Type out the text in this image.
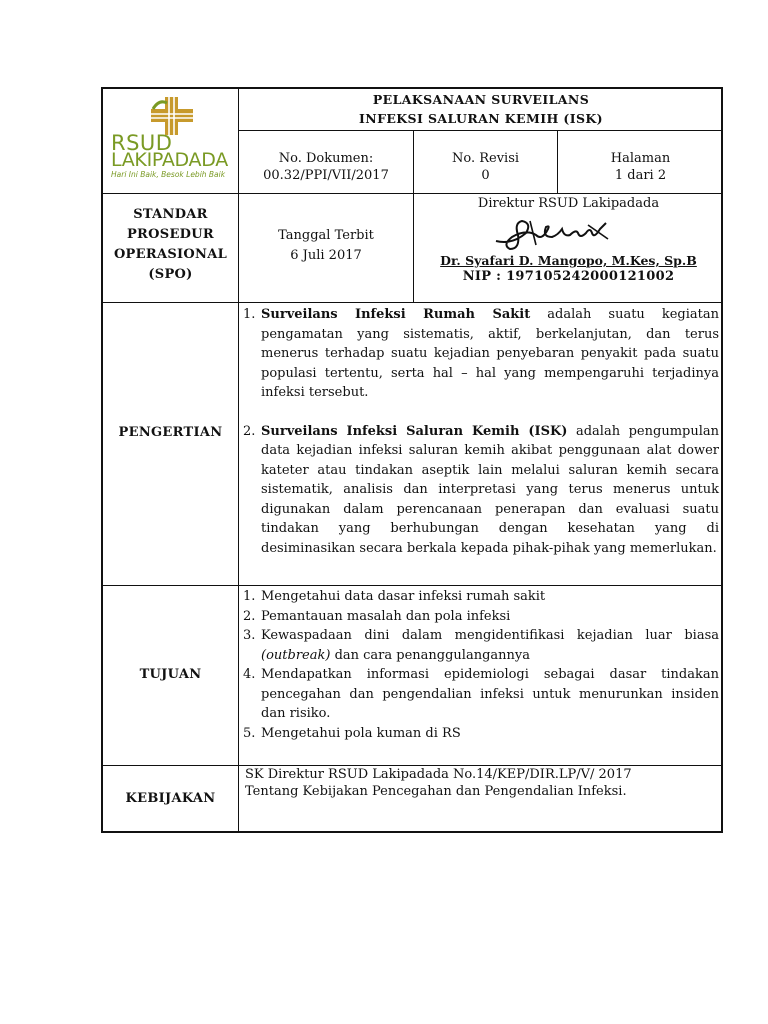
RSUD
LAKIPADADA
Hari Ini Baik, Besok Lebih Baik
PELAKSANAAN SURVEILANS
INFEKSI SALURAN KEMIH (ISK)
No. Dokumen:
00.32/PPI/VII/2017
No. Revisi
0
Halaman
1 dari 2
STANDAR
PROSEDUR
OPERASIONAL
(SPO)
Tanggal Terbit
6 Juli 2017
Direktur RSUD Lakipadada
Dr. Syafari D. Mangopo, M.Kes, Sp.B
NIP : 19710524200012100​2
PENGERTIAN
1. Surveilans Infeksi Rumah Sakit adalah suatu kegiatan pengamatan yang sistematis, aktif, berkelanjutan, dan terus menerus terhadap suatu kejadian penyebaran penyakit pada suatu populasi tertentu, serta hal – hal yang mempengaruhi terjadinya infeksi tersebut.
2. Surveilans Infeksi Saluran Kemih (ISK) adalah pengumpulan data kejadian infeksi saluran kemih akibat penggunaan alat dower kateter atau tindakan aseptik lain melalui saluran kemih secara sistematik, analisis dan interpretasi yang terus menerus untuk digunakan dalam perencanaan penerapan dan evaluasi suatu tindakan yang berhubungan dengan kesehatan yang di desiminasikan secara berkala kepada pihak-pihak yang memerlukan.
TUJUAN
1. Mengetahui data dasar infeksi rumah sakit
2. Pemantauan masalah dan pola infeksi
3. Kewaspadaan dini dalam mengidentifikasi kejadian luar biasa (outbreak) dan cara penanggulangannya
4. Mendapatkan informasi epidemiologi sebagai dasar tindakan pencegahan dan pengendalian infeksi untuk menurunkan insiden dan risiko.
5. Mengetahui pola kuman di RS
KEBIJAKAN
SK Direktur RSUD Lakipadada No.14/KEP/DIR.LP/V/ 2017
Tentang Kebijakan Pencegahan dan Pengendalian Infeksi.
